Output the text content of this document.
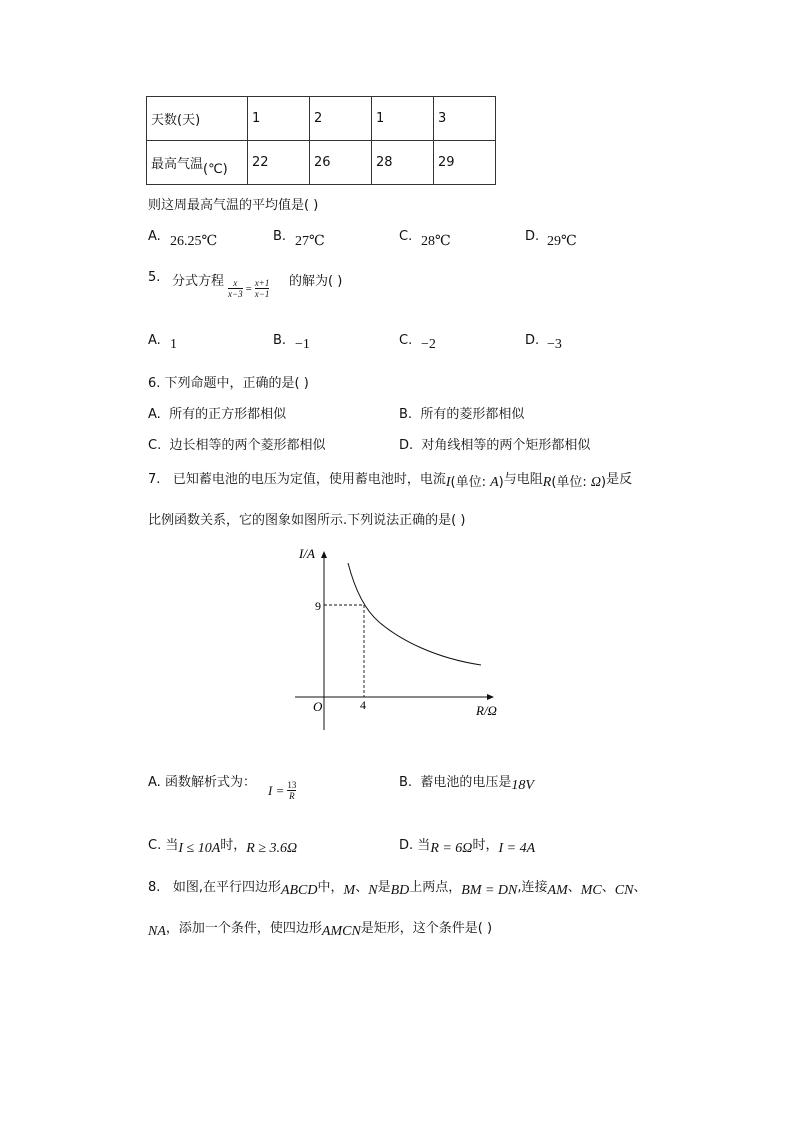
天数(天)	1	2	1	3
最高气温(℃)	22	26	28	29
则这周最高气温的平均值是( )
A. 26.25℃	B. 27℃	C. 28℃	D. 29℃
5. 分式方程 $\frac{x}{x-3} = \frac{x+1}{x-1}$ 的解为( )
A. 1	B. −1	C. −2	D. −3
6. 下列命题中，正确的是( )
A. 所有的正方形都相似	B. 所有的菱形都相似
C. 边长相等的两个菱形都相似	D. 对角线相等的两个矩形都相似
7. 已知蓄电池的电压为定值，使用蓄电池时，电流I(单位: A)与电阻R(单位: Ω)是反
比例函数关系，它的图象如图所示.下列说法正确的是( )
I/A
R/Ω
O	4
9
A. 函数解析式为： $I = \frac{13}{R}$	B. 蓄电池的电压是18V
C. 当I ≤ 10A时，R ≥ 3.6Ω	D. 当R = 6Ω时，I = 4A
8. 如图,在平行四边形ABCD中，M、N是BD上两点，BM = DN,连接AM、MC、CN、
NA，添加一个条件，使四边形AMCN是矩形，这个条件是( )
